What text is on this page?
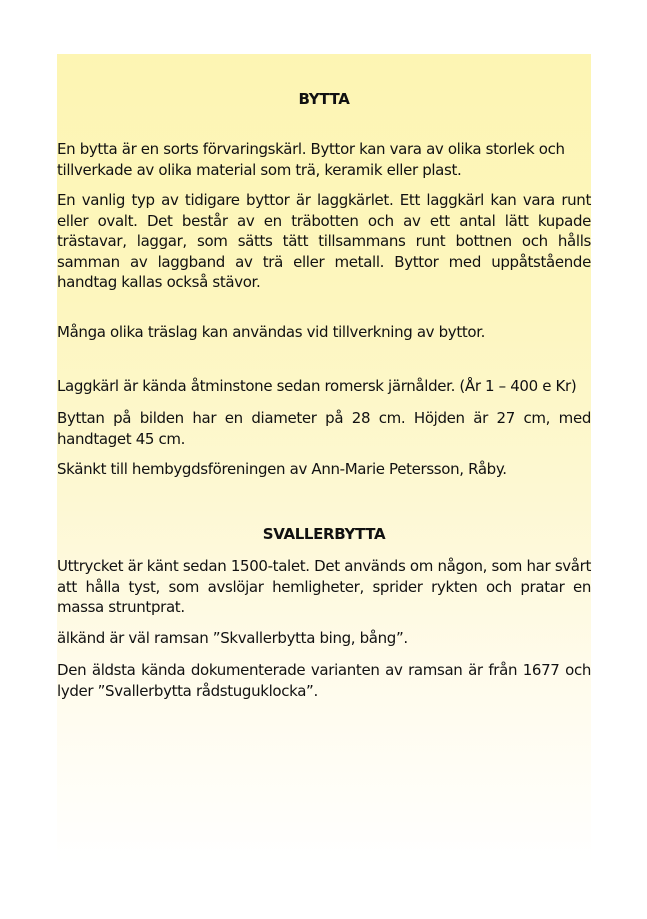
BYTTA

En bytta är en sorts förvaringskärl. Byttor kan vara av olika storlek och tillverkade av olika material som trä, keramik eller plast.

En vanlig typ av tidigare byttor är laggkärlet. Ett laggkärl kan vara runt eller ovalt. Det består av en träbotten och av ett antal lätt kupade trästavar, laggar, som sätts tätt tillsammans runt bottnen och hålls samman av laggband av trä eller metall. Byttor med uppåtstående handtag kallas också stävor.

Många olika träslag kan användas vid tillverkning av byttor.

Laggkärl är kända åtminstone sedan romersk järnålder. (År 1 – 400 e Kr)

Byttan på bilden har en diameter på 28 cm. Höjden är 27 cm, med handtaget 45 cm.

Skänkt till hembygdsföreningen av Ann-Marie Petersson, Råby.

SVALLERBYTTA

Uttrycket är känt sedan 1500-talet. Det används om någon, som har svårt att hålla tyst, som avslöjar hemligheter, sprider rykten och pratar en massa struntprat.

älkänd är väl ramsan ”Skvallerbytta bing, bång”.

Den äldsta kända dokumenterade varianten av ramsan är från 1677 och lyder ”Svallerbytta rådstuguklocka”.
